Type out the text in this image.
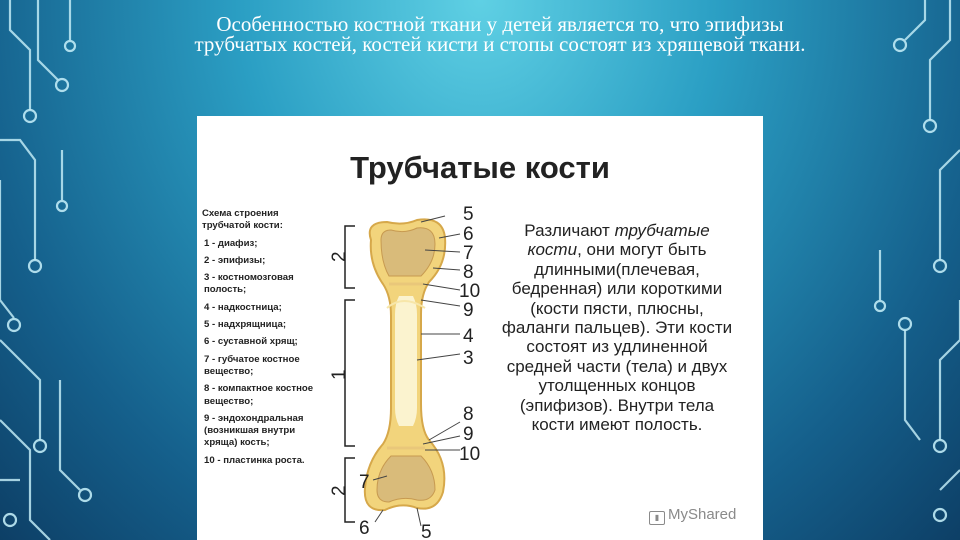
Особенностью костной ткани у детей является то, что эпифизы
трубчатых костей, костей кисти и стопы состоят из хрящевой ткани.
Трубчатые кости
Схема строения трубчатой кости:
1 - диафиз;
2 - эпифизы;
3 - костномозговая полость;
4 - надкостница;
5 - надхрящница;
6 - суставной хрящ;
7 - губчатое костное вещество;
8 - компактное костное вещество;
9 - эндохондральная (возникшая внутри хряща) кость;
10 - пластинка роста.
5
6
7
8
10
9
4
3
8
9
10
2
1
2 7
6	5
Различают трубчатые кости, они могут быть длинными(плечевая, бедренная) или короткими (кости пясти, плюсны, фаланги пальцев). Эти кости состоят из удлиненной средней части (тела) и двух утолщенных концов (эпифизов). Внутри тела кости имеют полость.
▮ MyShared
